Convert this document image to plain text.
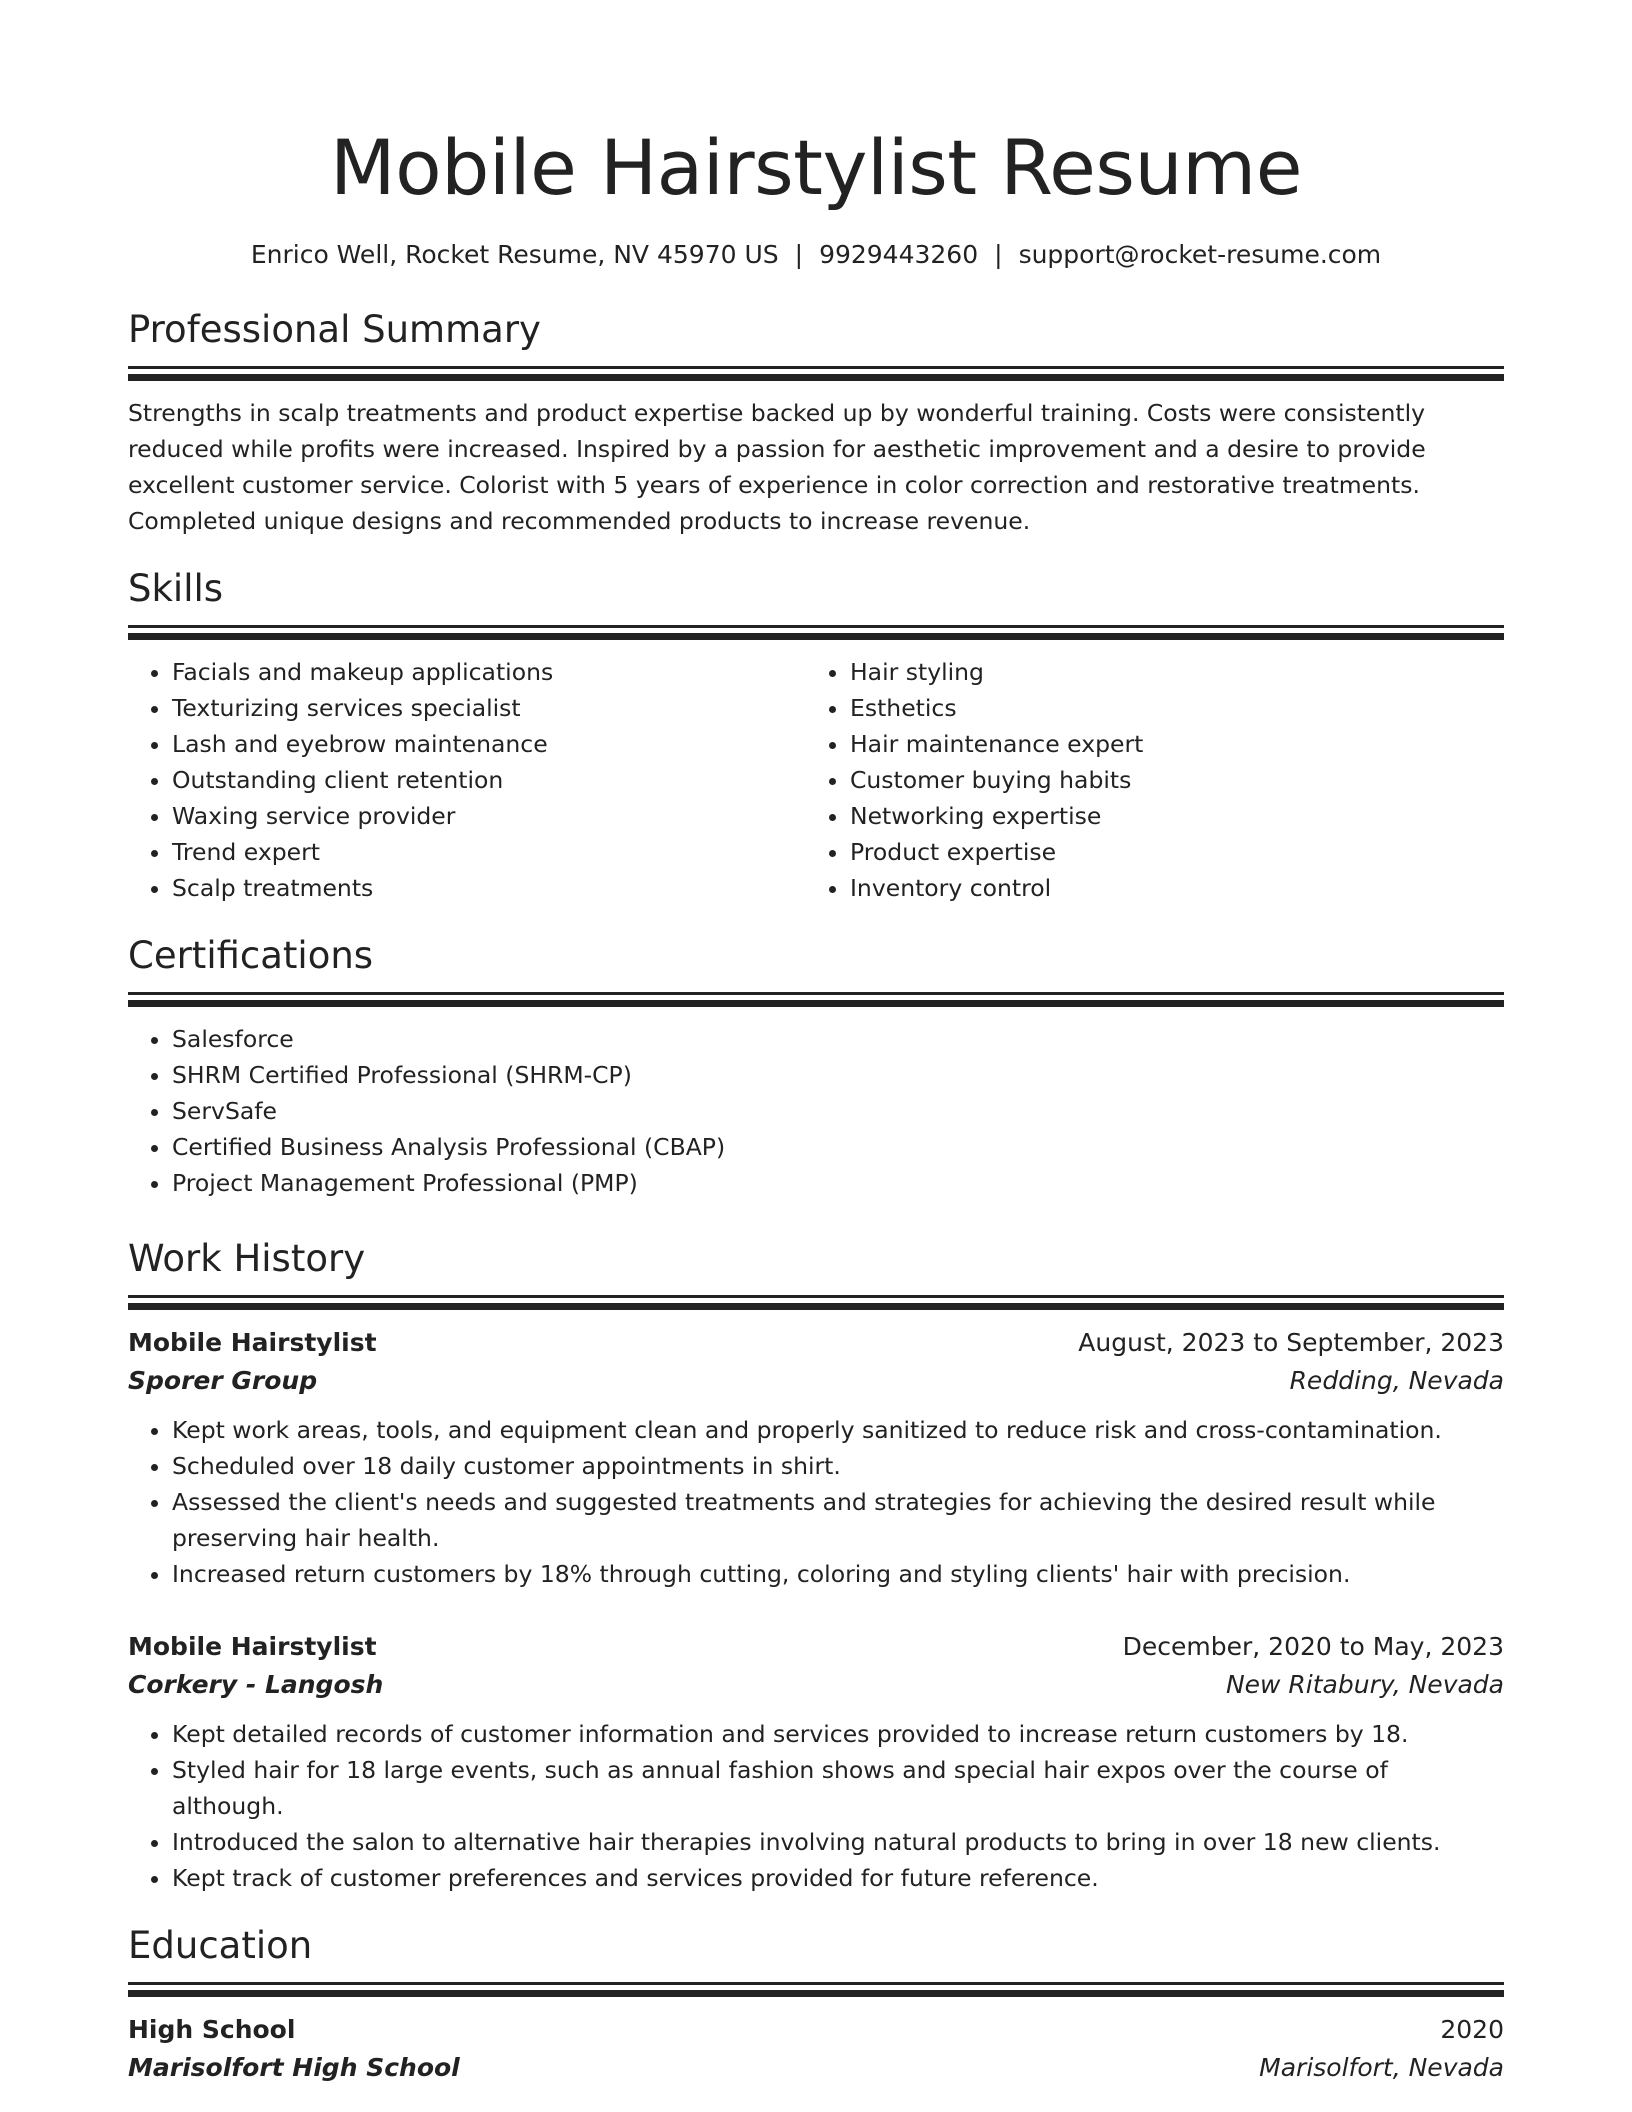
Mobile Hairstylist Resume
Enrico Well, Rocket Resume, NV 45970 US | 9929443260 | support@rocket-resume.com
Professional Summary
Strengths in scalp treatments and product expertise backed up by wonderful training. Costs were consistently reduced while profits were increased. Inspired by a passion for aesthetic improvement and a desire to provide excellent customer service. Colorist with 5 years of experience in color correction and restorative treatments. Completed unique designs and recommended products to increase revenue.
Skills
• Facials and makeup applications
• Texturizing services specialist
• Lash and eyebrow maintenance
• Outstanding client retention
• Waxing service provider
• Trend expert
• Scalp treatments
• Hair styling
• Esthetics
• Hair maintenance expert
• Customer buying habits
• Networking expertise
• Product expertise
• Inventory control
Certifications
• Salesforce
• SHRM Certified Professional (SHRM-CP)
• ServSafe
• Certified Business Analysis Professional (CBAP)
• Project Management Professional (PMP)
Work History
Mobile Hairstylist	August, 2023 to September, 2023
Sporer Group	Redding, Nevada
• Kept work areas, tools, and equipment clean and properly sanitized to reduce risk and cross-contamination.
• Scheduled over 18 daily customer appointments in shirt.
• Assessed the client's needs and suggested treatments and strategies for achieving the desired result while preserving hair health.
• Increased return customers by 18% through cutting, coloring and styling clients' hair with precision.
Mobile Hairstylist	December, 2020 to May, 2023
Corkery - Langosh	New Ritabury, Nevada
• Kept detailed records of customer information and services provided to increase return customers by 18.
• Styled hair for 18 large events, such as annual fashion shows and special hair expos over the course of although.
• Introduced the salon to alternative hair therapies involving natural products to bring in over 18 new clients.
• Kept track of customer preferences and services provided for future reference.
Education
High School	2020
Marisolfort High School	Marisolfort, Nevada
